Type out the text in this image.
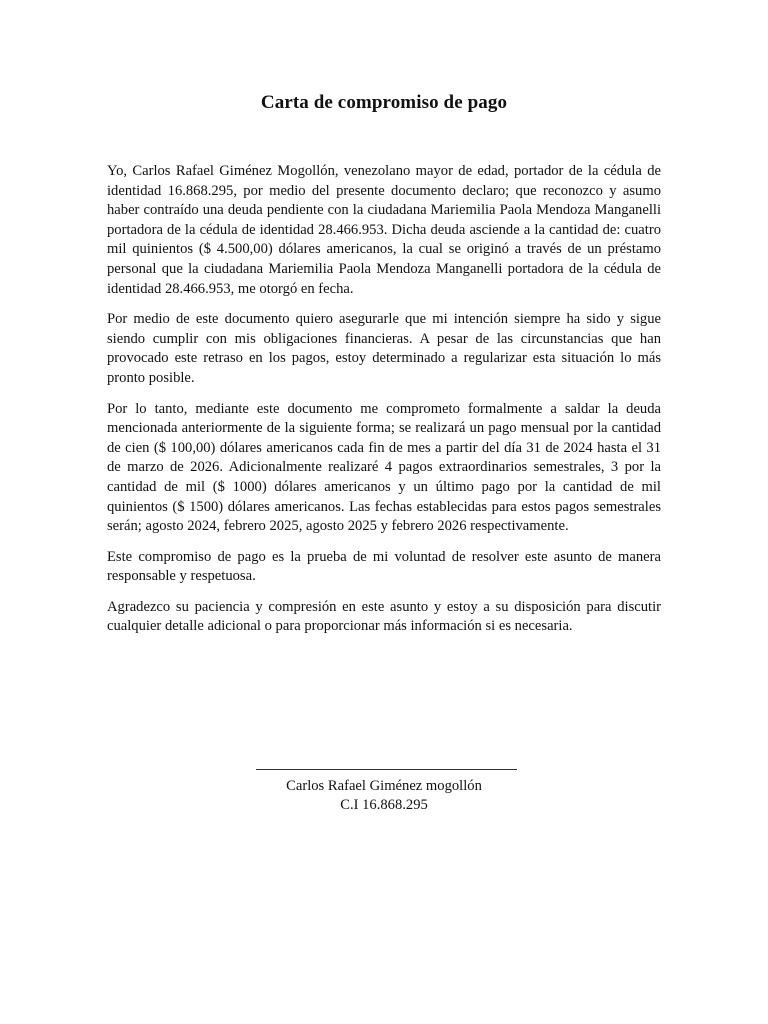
Carta de compromiso de pago

Yo, Carlos Rafael Giménez Mogollón, venezolano mayor de edad, portador de la cédula de identidad 16.868.295, por medio del presente documento declaro; que reconozco y asumo haber contraído una deuda pendiente con la ciudadana Mariemilia Paola Mendoza Manganelli portadora de la cédula de identidad 28.466.953. Dicha deuda asciende a la cantidad de: cuatro mil quinientos ($ 4.500,00) dólares americanos, la cual se originó a través de un préstamo personal que la ciudadana Mariemilia Paola Mendoza Manganelli portadora de la cédula de identidad 28.466.953, me otorgó en fecha.

Por medio de este documento quiero asegurarle que mi intención siempre ha sido y sigue siendo cumplir con mis obligaciones financieras. A pesar de las circunstancias que han provocado este retraso en los pagos, estoy determinado a regularizar esta situación lo más pronto posible.

Por lo tanto, mediante este documento me comprometo formalmente a saldar la deuda mencionada anteriormente de la siguiente forma; se realizará un pago mensual por la cantidad de cien ($ 100,00) dólares americanos cada fin de mes a partir del día 31 de 2024 hasta el 31 de marzo de 2026. Adicionalmente realizaré 4 pagos extraordinarios semestrales, 3 por la cantidad de mil ($ 1000) dólares americanos y un último pago por la cantidad de mil quinientos ($ 1500) dólares americanos. Las fechas establecidas para estos pagos semestrales serán; agosto 2024, febrero 2025, agosto 2025 y febrero 2026 respectivamente.

Este compromiso de pago es la prueba de mi voluntad de resolver este asunto de manera responsable y respetuosa.

Agradezco su paciencia y compresión en este asunto y estoy a su disposición para discutir cualquier detalle adicional o para proporcionar más información si es necesaria.

Carlos Rafael Giménez mogollón
C.I 16.868.295
